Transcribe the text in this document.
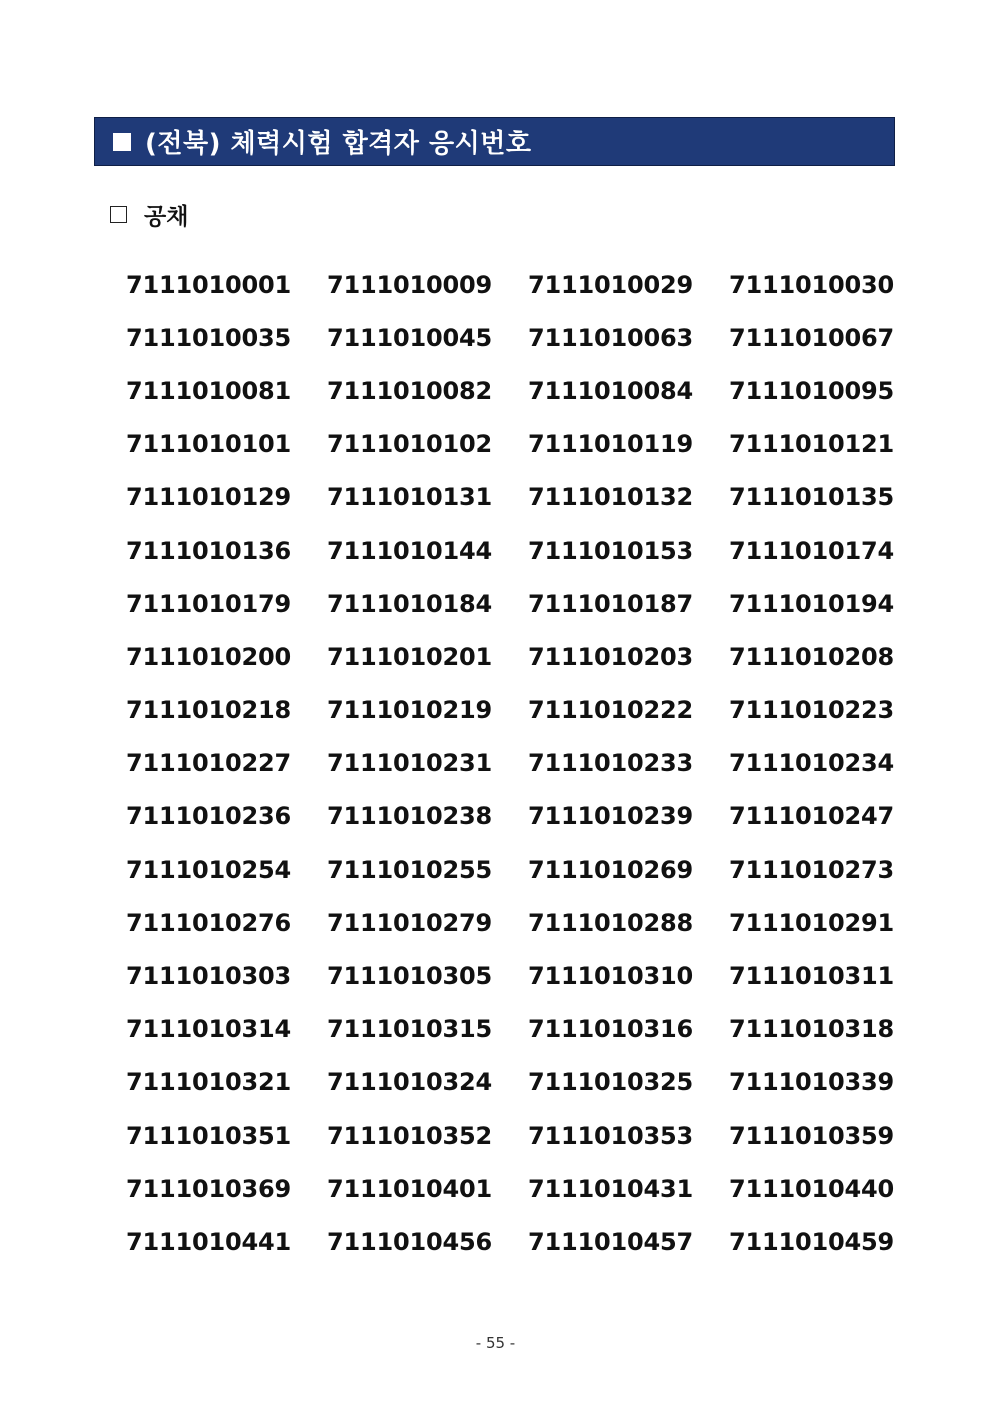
(전북) 체력시험 합격자 응시번호
공채
7111010001	7111010009	7111010029	7111010030
7111010035	7111010045	7111010063	7111010067
7111010081	7111010082	7111010084	7111010095
7111010101	7111010102	7111010119	7111010121
7111010129	7111010131	7111010132	7111010135
7111010136	7111010144	7111010153	7111010174
7111010179	7111010184	7111010187	7111010194
7111010200	7111010201	7111010203	7111010208
7111010218	7111010219	7111010222	7111010223
7111010227	7111010231	7111010233	7111010234
7111010236	7111010238	7111010239	7111010247
7111010254	7111010255	7111010269	7111010273
7111010276	7111010279	7111010288	7111010291
7111010303	7111010305	7111010310	7111010311
7111010314	7111010315	7111010316	7111010318
7111010321	7111010324	7111010325	7111010339
7111010351	7111010352	7111010353	7111010359
7111010369	7111010401	7111010431	7111010440
7111010441	7111010456	7111010457	7111010459
- 55 -
